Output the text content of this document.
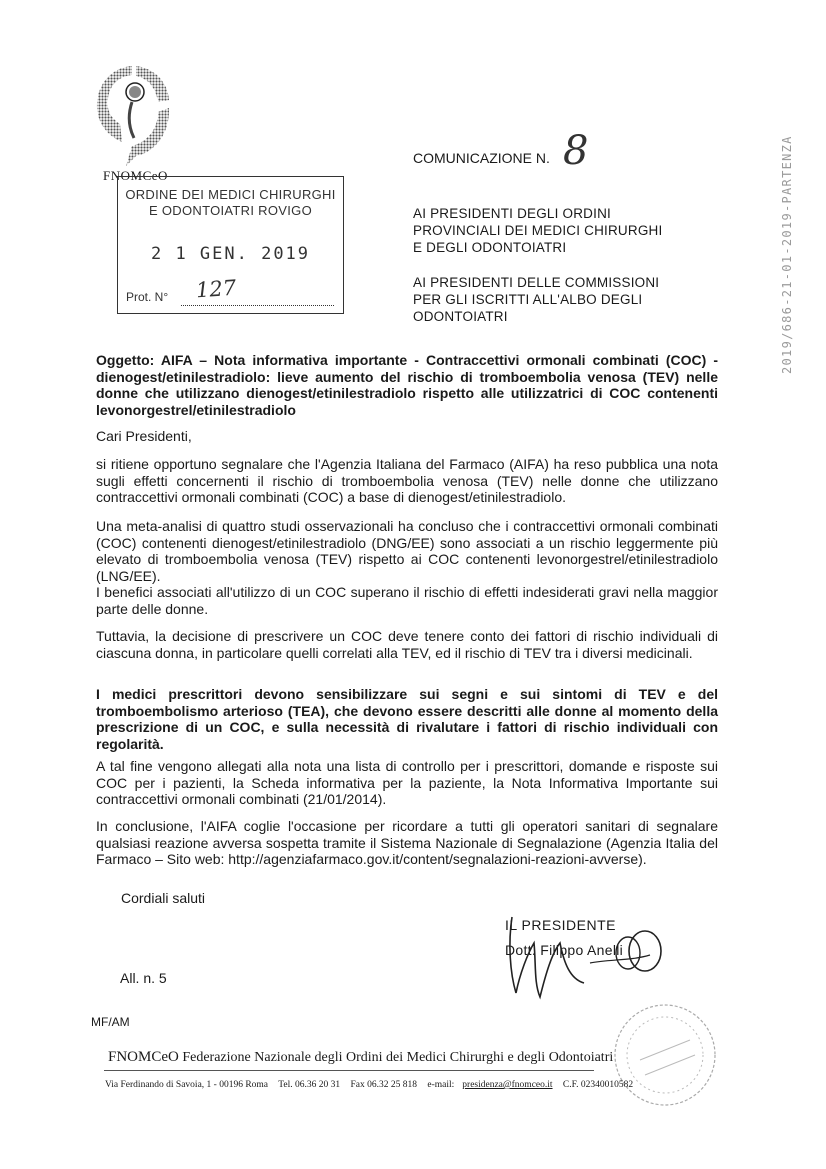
FNOMCeO
ORDINE DEI MEDICI CHIRURGHI
E ODONTOIATRI ROVIGO
2 1 GEN. 2019
Prot. N° 127
COMUNICAZIONE N. 8
AI PRESIDENTI DEGLI ORDINI
PROVINCIALI DEI MEDICI CHIRURGHI
E DEGLI ODONTOIATRI
AI PRESIDENTI DELLE COMMISSIONI
PER GLI ISCRITTI ALL'ALBO DEGLI
ODONTOIATRI	2019/686-21-01-2019-PARTENZA
Oggetto: AIFA – Nota informativa importante - Contraccettivi ormonali combinati (COC) - dienogest/etinilestradiolo: lieve aumento del rischio di tromboembolia venosa (TEV) nelle donne che utilizzano dienogest/etinilestradiolo rispetto alle utilizzatrici di COC contenenti levonorgestrel/etinilestradiolo
Cari Presidenti,
si ritiene opportuno segnalare che l'Agenzia Italiana del Farmaco (AIFA) ha reso pubblica una nota sugli effetti concernenti il rischio di tromboembolia venosa (TEV) nelle donne che utilizzano contraccettivi ormonali combinati (COC) a base di dienogest/etinilestradiolo.
Una meta-analisi di quattro studi osservazionali ha concluso che i contraccettivi ormonali combinati (COC) contenenti dienogest/etinilestradiolo (DNG/EE) sono associati a un rischio leggermente più elevato di tromboembolia venosa (TEV) rispetto ai COC contenenti levonorgestrel/etinilestradiolo (LNG/EE).
I benefici associati all'utilizzo di un COC superano il rischio di effetti indesiderati gravi nella maggior parte delle donne.
Tuttavia, la decisione di prescrivere un COC deve tenere conto dei fattori di rischio individuali di ciascuna donna, in particolare quelli correlati alla TEV, ed il rischio di TEV tra i diversi medicinali.
I medici prescrittori devono sensibilizzare sui segni e sui sintomi di TEV e del tromboembolismo arterioso (TEA), che devono essere descritti alle donne al momento della prescrizione di un COC, e sulla necessità di rivalutare i fattori di rischio individuali con regolarità.
A tal fine vengono allegati alla nota una lista di controllo per i prescrittori, domande e risposte sui COC per i pazienti, la Scheda informativa per la paziente, la Nota Informativa Importante sui contraccettivi ormonali combinati (21/01/2014).
In conclusione, l'AIFA coglie l'occasione per ricordare a tutti gli operatori sanitari di segnalare qualsiasi reazione avversa sospetta tramite il Sistema Nazionale di Segnalazione (Agenzia Italia del Farmaco – Sito web: http://agenziafarmaco.gov.it/content/segnalazioni-reazioni-avverse).
Cordiali saluti
IL PRESIDENTE
Dott. Filippo Anelli
All. n. 5
MF/AM
FNOMCeO Federazione Nazionale degli Ordini dei Medici Chirurghi e degli Odontoiatri
Via Ferdinando di Savoia, 1 - 00196 Roma Tel. 06.36 20 31 Fax 06.32 25 818 e-mail: presidenza@fnomceo.it C.F. 02340010582
